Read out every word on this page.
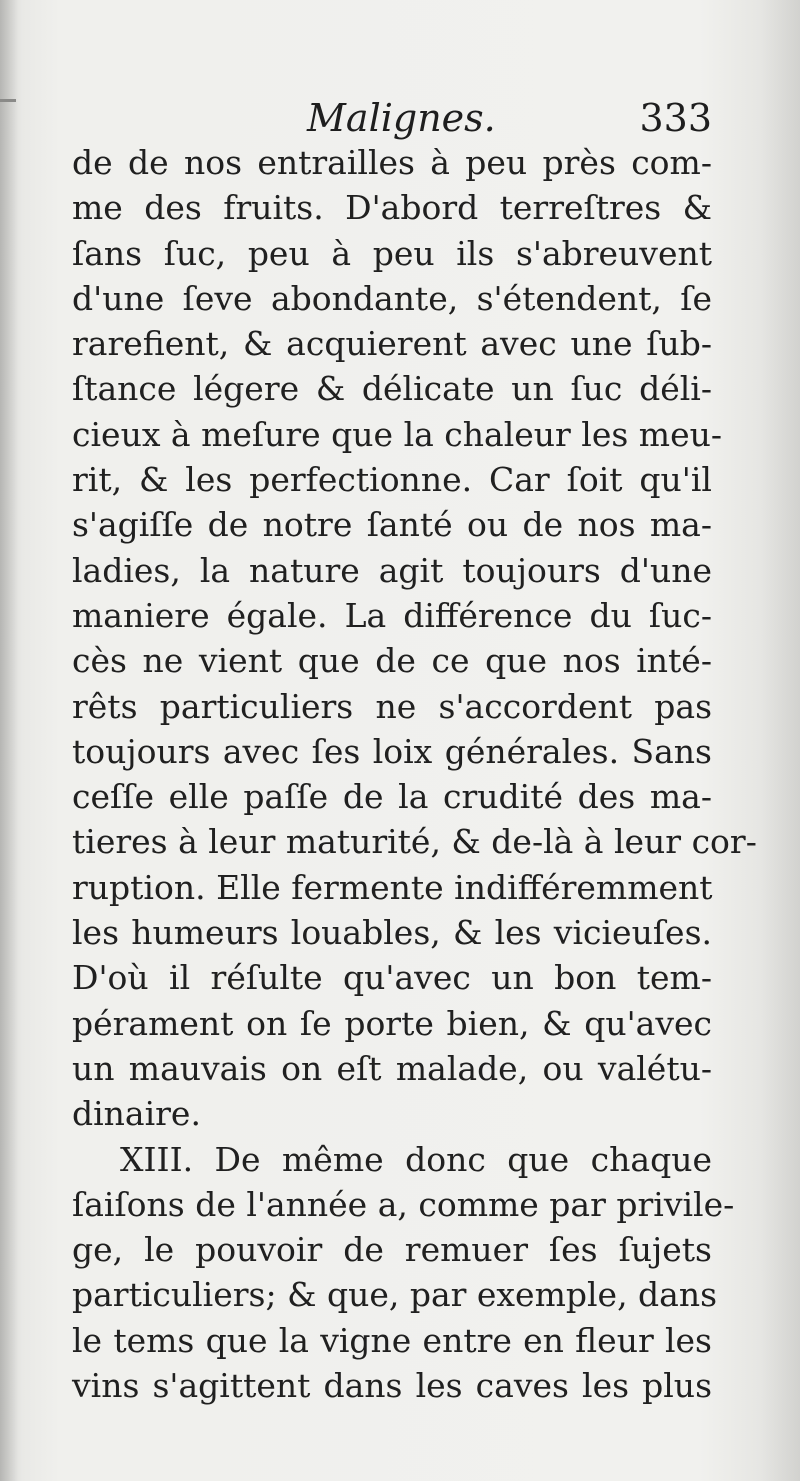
Malignes.	333
de de nos entrailles à peu près com-
me des fruits. D'abord terreſtres &
ſans ſuc, peu à peu ils s'abreuvent
d'une ſeve abondante, s'étendent, ſe
rarefient, & acquierent avec une ſub-
ſtance légere & délicate un ſuc déli-
cieux à meſure que la chaleur les meu-
rit, & les perfectionne. Car ſoit qu'il
s'agiſſe de notre ſanté ou de nos ma-
ladies, la nature agit toujours d'une
maniere égale. La différence du ſuc-
cès ne vient que de ce que nos inté-
rêts particuliers ne s'accordent pas
toujours avec ſes loix générales. Sans
ceſſe elle paſſe de la crudité des ma-
tieres à leur maturité, & de-là à leur cor-
ruption. Elle fermente indifféremment
les humeurs louables, & les vicieuſes.
D'où il réſulte qu'avec un bon tem-
pérament on ſe porte bien, & qu'avec
un mauvais on eſt malade, ou valétu-
dinaire.
XIII. De même donc que chaque
ſaiſons de l'année a, comme par privile-
ge, le pouvoir de remuer ſes ſujets
particuliers; & que, par exemple, dans
le tems que la vigne entre en fleur les
vins s'agittent dans les caves les plus
